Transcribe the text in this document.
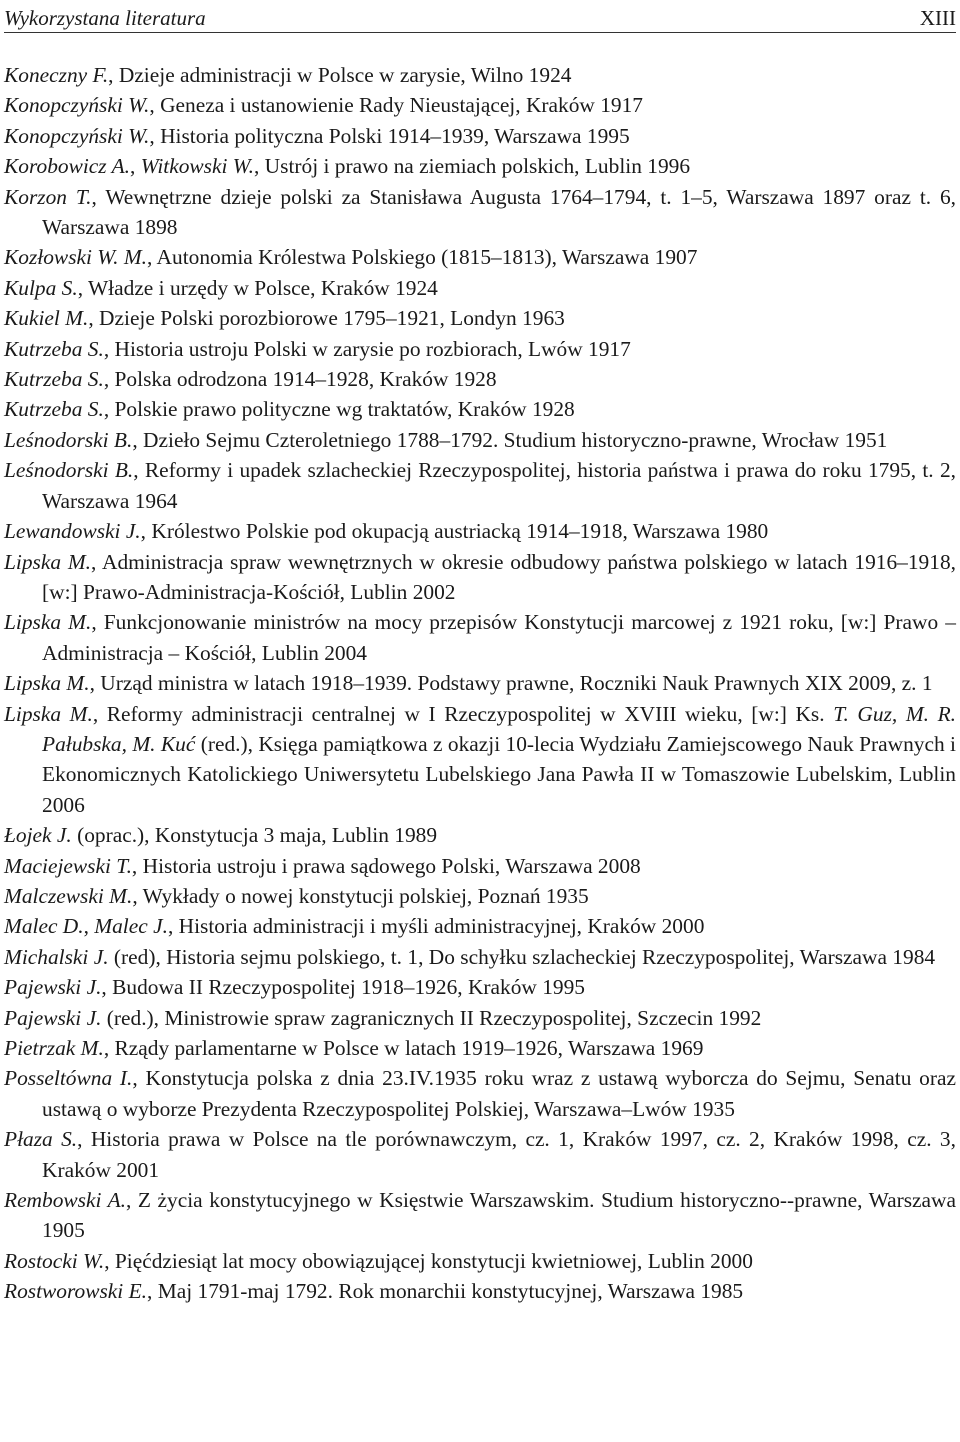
Wykorzystana literatura	XIII

Koneczny F., Dzieje administracji w Polsce w zarysie, Wilno 1924

Konopczyński W., Geneza i ustanowienie Rady Nieustającej, Kraków 1917

Konopczyński W., Historia polityczna Polski 1914–1939, Warszawa 1995

Korobowicz A., Witkowski W., Ustrój i prawo na ziemiach polskich, Lublin 1996

Korzon T., Wewnętrzne dzieje polski za Stanisława Augusta 1764–1794, t. 1–5, Warszawa 1897 oraz t. 6, Warszawa 1898

Kozłowski W. M., Autonomia Królestwa Polskiego (1815–1813), Warszawa 1907

Kulpa S., Władze i urzędy w Polsce, Kraków 1924

Kukiel M., Dzieje Polski porozbiorowe 1795–1921, Londyn 1963

Kutrzeba S., Historia ustroju Polski w zarysie po rozbiorach, Lwów 1917

Kutrzeba S., Polska odrodzona 1914–1928, Kraków 1928

Kutrzeba S., Polskie prawo polityczne wg traktatów, Kraków 1928

Leśnodorski B., Dzieło Sejmu Czteroletniego 1788–1792. Studium historyczno-prawne, Wrocław 1951

Leśnodorski B., Reformy i upadek szlacheckiej Rzeczypospolitej, historia państwa i prawa do roku 1795, t. 2, Warszawa 1964

Lewandowski J., Królestwo Polskie pod okupacją austriacką 1914–1918, Warszawa 1980

Lipska M., Administracja spraw wewnętrznych w okresie odbudowy państwa polskiego w latach 1916–1918, [w:] Prawo-Administracja-Kościół, Lublin 2002

Lipska M., Funkcjonowanie ministrów na mocy przepisów Konstytucji marcowej z 1921 roku, [w:] Prawo – Administracja – Kościół, Lublin 2004

Lipska M., Urząd ministra w latach 1918–1939. Podstawy prawne, Roczniki Nauk Prawnych XIX 2009, z. 1

Lipska M., Reformy administracji centralnej w I Rzeczypospolitej w XVIII wieku, [w:] Ks. T. Guz, M. R. Pałubska, M. Kuć (red.), Księga pamiątkowa z okazji 10-lecia Wydziału Zamiejscowego Nauk Prawnych i Ekonomicznych Katolickiego Uniwersytetu Lubelskiego Jana Pawła II w Tomaszowie Lubelskim, Lublin 2006

Łojek J. (oprac.), Konstytucja 3 maja, Lublin 1989

Maciejewski T., Historia ustroju i prawa sądowego Polski, Warszawa 2008

Malczewski M., Wykłady o nowej konstytucji polskiej, Poznań 1935

Malec D., Malec J., Historia administracji i myśli administracyjnej, Kraków 2000

Michalski J. (red), Historia sejmu polskiego, t. 1, Do schyłku szlacheckiej Rzeczypospolitej, Warszawa 1984

Pajewski J., Budowa II Rzeczypospolitej 1918–1926, Kraków 1995

Pajewski J. (red.), Ministrowie spraw zagranicznych II Rzeczypospolitej, Szczecin 1992

Pietrzak M., Rządy parlamentarne w Polsce w latach 1919–1926, Warszawa 1969

Posseltówna I., Konstytucja polska z dnia 23.IV.1935 roku wraz z ustawą wyborcza do Sejmu, Senatu oraz ustawą o wyborze Prezydenta Rzeczypospolitej Polskiej, Warszawa–Lwów 1935

Płaza S., Historia prawa w Polsce na tle porównawczym, cz. 1, Kraków 1997, cz. 2, Kraków 1998, cz. 3, Kraków 2001

Rembowski A., Z życia konstytucyjnego w Księstwie Warszawskim. Studium historyczno--prawne, Warszawa 1905

Rostocki W., Pięćdziesiąt lat mocy obowiązującej konstytucji kwietniowej, Lublin 2000

Rostworowski E., Maj 1791-maj 1792. Rok monarchii konstytucyjnej, Warszawa 1985
